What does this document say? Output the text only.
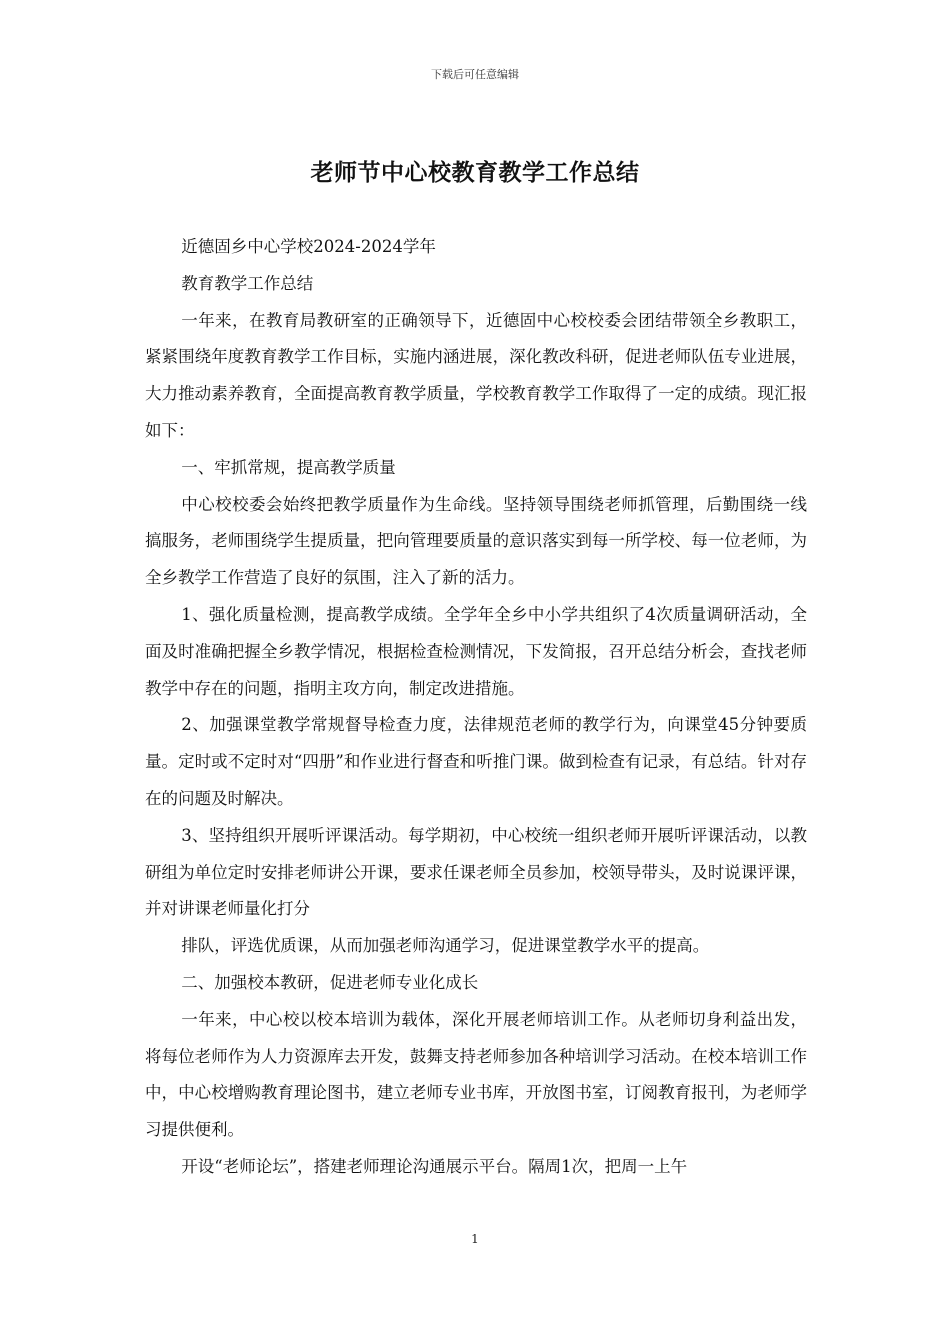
下载后可任意编辑
老师节中心校教育教学工作总结

近德固乡中心学校2024-2024学年

教育教学工作总结

一年来，在教育局教研室的正确领导下，近德固中心校校委会团结带领全乡教职工，紧紧围绕年度教育教学工作目标，实施内涵进展，深化教改科研，促进老师队伍专业进展，大力推动素养教育，全面提高教育教学质量，学校教育教学工作取得了一定的成绩。现汇报如下：

一、牢抓常规，提高教学质量

中心校校委会始终把教学质量作为生命线。坚持领导围绕老师抓管理，后勤围绕一线搞服务，老师围绕学生提质量，把向管理要质量的意识落实到每一所学校、每一位老师，为全乡教学工作营造了良好的氛围，注入了新的活力。

1、强化质量检测，提高教学成绩。全学年全乡中小学共组织了4次质量调研活动，全面及时准确把握全乡教学情况，根据检查检测情况，下发简报，召开总结分析会，查找老师教学中存在的问题，指明主攻方向，制定改进措施。

2、加强课堂教学常规督导检查力度，法律规范老师的教学行为，向课堂45分钟要质量。定时或不定时对“四册”和作业进行督查和听推门课。做到检查有记录，有总结。针对存在的问题及时解决。

3、坚持组织开展听评课活动。每学期初，中心校统一组织老师开展听评课活动，以教研组为单位定时安排老师讲公开课，要求任课老师全员参加，校领导带头，及时说课评课，并对讲课老师量化打分

排队，评选优质课，从而加强老师沟通学习，促进课堂教学水平的提高。

二、加强校本教研，促进老师专业化成长

一年来，中心校以校本培训为载体，深化开展老师培训工作。从老师切身利益出发，将每位老师作为人力资源库去开发，鼓舞支持老师参加各种培训学习活动。在校本培训工作中，中心校增购教育理论图书，建立老师专业书库，开放图书室，订阅教育报刊，为老师学习提供便利。

开设“老师论坛”，搭建老师理论沟通展示平台。隔周1次，把周一上午

1
